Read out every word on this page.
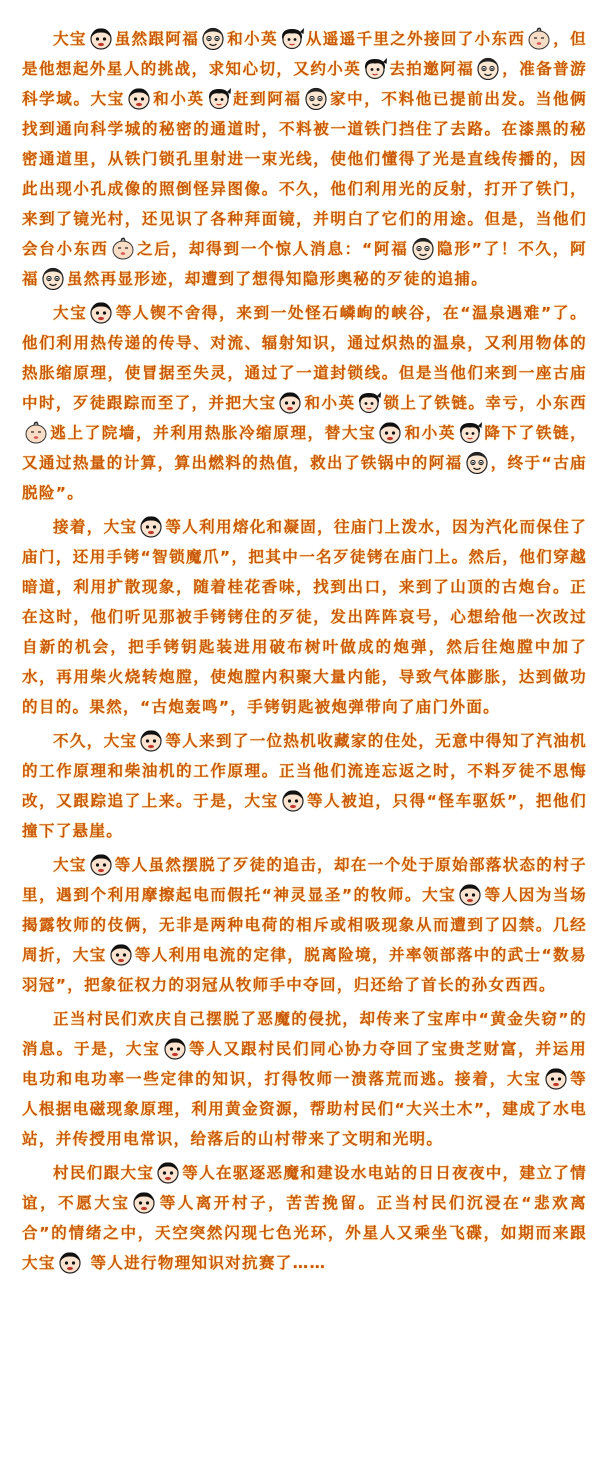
大宝 虽然跟阿福 和小英 从遥遥千里之外接回了小东西 ，但是他想起外星人的挑战，求知心切，又约小英 去拍邀阿福 ，准备普游科学域。大宝 和小英 赶到阿福 家中，不料他已提前出发。当他俩找到通向科学城的秘密的通道时，不料被一道铁门挡住了去路。在漆黑的秘密通道里，从铁门锁孔里射进一束光线，使他们懂得了光是直线传播的，因此出现小孔成像的照倒怪异图像。不久，他们利用光的反射，打开了铁门，来到了镜光村，还见识了各种拜面镜，并明白了它们的用途。但是，当他们会台小东西 之后，却得到一个惊人消息：“阿福 隐形”了！不久，阿福 虽然再显形迹，却遭到了想得知隐形奥秘的歹徒的追捕。

大宝 等人锲不舍得，来到一处怪石嶙峋的峡谷，在“温泉遇难”了。他们利用热传递的传导、对流、辐射知识，通过炽热的温泉，又利用物体的热胀缩原理，使冒据至失灵，通过了一道封锁线。但是当他们来到一座古庙中时，歹徒跟踪而至了，并把大宝 和小英 锁上了铁链。幸亏，小东西
逃上了院墙，并利用热胀冷缩原理，替大宝 和小英 降下了铁链，又通过热量的计算，算出燃料的热值，救出了铁锅中的阿福 ，终于“古庙脱险”。

接着，大宝 等人利用熔化和凝固，往庙门上泼水，因为汽化而保住了庙门，还用手铐“智锁魔爪”，把其中一名歹徒铐在庙门上。然后，他们穿越暗道，利用扩散现象，随着桂花香味，找到出口，来到了山顶的古炮台。正在这时，他们听见那被手铐铐住的歹徒，发出阵阵哀号，心想给他一次改过自新的机会，把手铐钥匙装进用破布树叶做成的炮弹，然后往炮膛中加了水，再用柴火烧转炮膛，使炮膛内积聚大量内能，导致气体膨胀，达到做功的目的。果然，“古炮轰鸣”，手铐钥匙被炮弹带向了庙门外面。

不久，大宝 等人来到了一位热机收藏家的住处，无意中得知了汽油机的工作原理和柴油机的工作原理。正当他们流连忘返之时，不料歹徒不思悔改，又跟踪追了上来。于是，大宝 等人被迫，只得“怪车驱妖”，把他们撞下了悬崖。

大宝 等人虽然摆脱了歹徒的追击，却在一个处于原始部落状态的村子里，遇到个利用摩擦起电而假托“神灵显圣”的牧师。大宝 等人因为当场揭露牧师的伎俩，无非是两种电荷的相斥或相吸现象从而遭到了囚禁。几经周折，大宝 等人利用电流的定律，脱离险境，并率领部落中的武士“数易羽冠”，把象征权力的羽冠从牧师手中夺回，归还给了首长的孙女西西。

正当村民们欢庆自己摆脱了恶魔的侵扰，却传来了宝库中“黄金失窃”的消息。于是，大宝 等人又跟村民们同心协力夺回了宝贵芝财富，并运用电功和电功率一些定律的知识，打得牧师一溃落荒而逃。接着，大宝 等人根据电磁现象原理，利用黄金资源，帮助村民们“大兴土木”，建成了水电站，并传授用电常识，给落后的山村带来了文明和光明。

村民们跟大宝 等人在驱逐恶魔和建设水电站的日日夜夜中，建立了情谊，不愿大宝 等人离开村子，苦苦挽留。正当村民们沉浸在“悲欢离合”的情绪之中，天空突然闪现七色光环，外星人又乘坐飞碟，如期而来跟大宝
等人进行物理知识对抗赛了……
